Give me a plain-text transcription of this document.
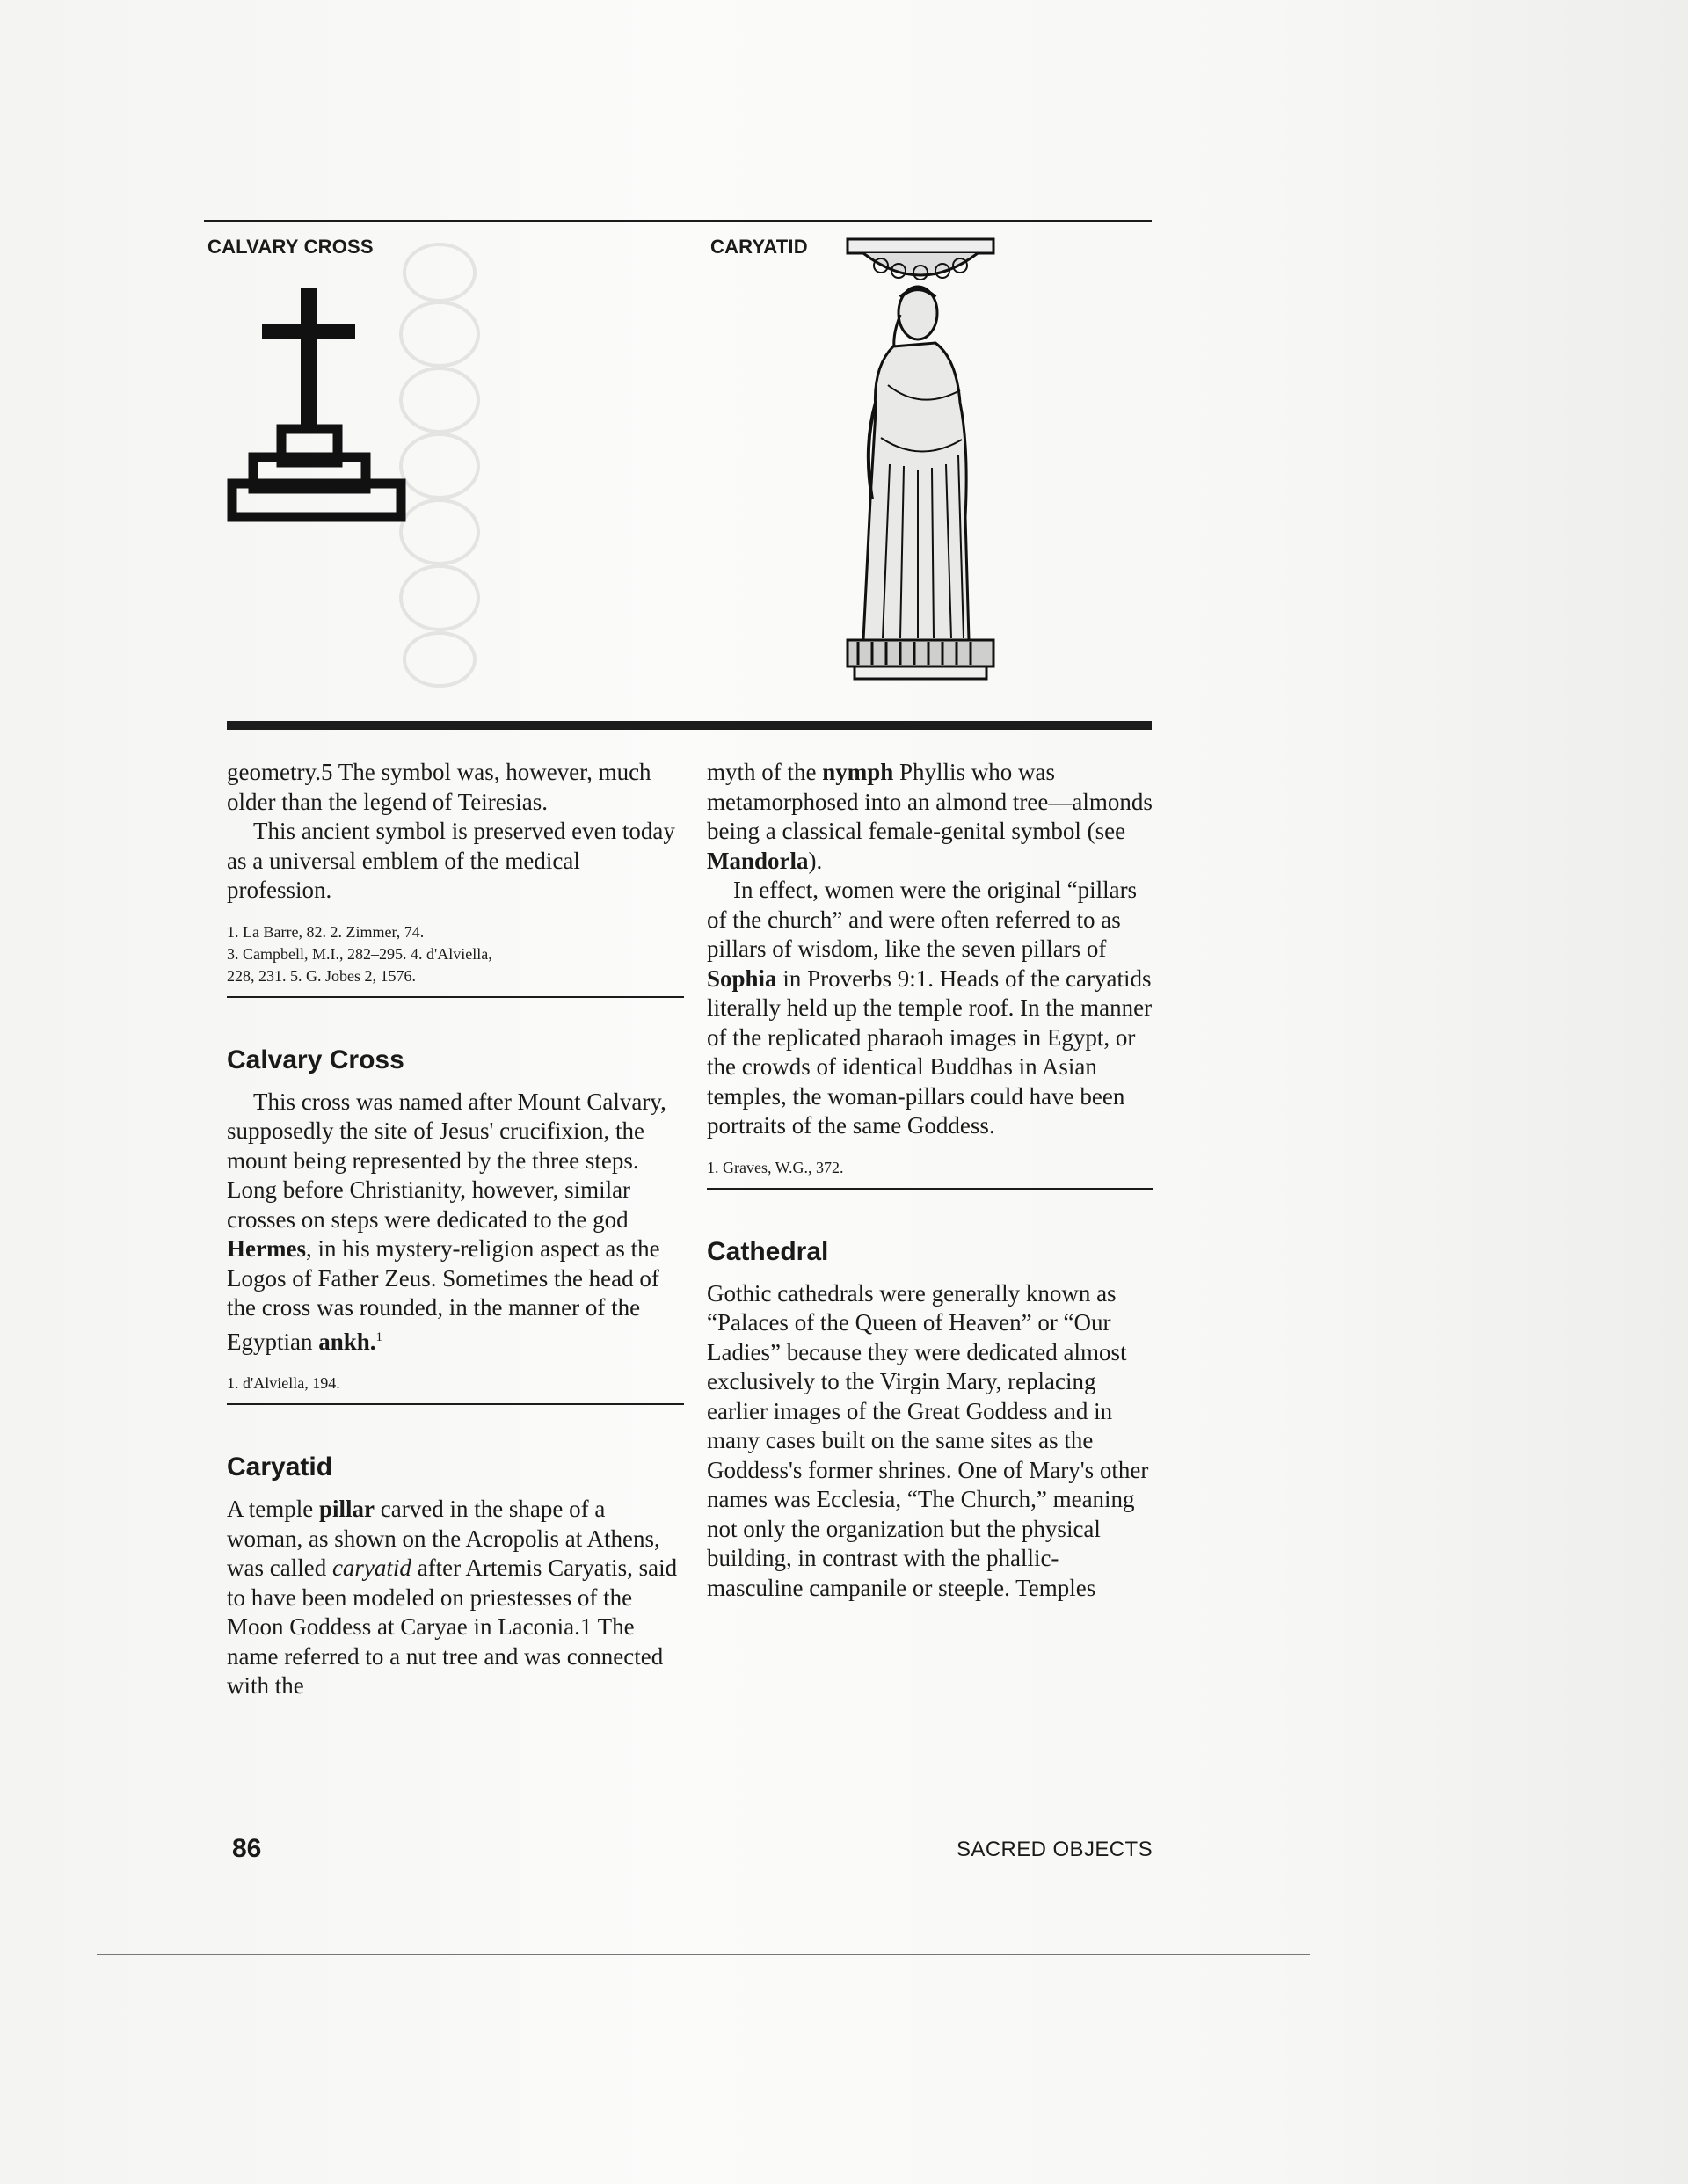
CALVARY CROSS	CARYATID

geometry.5 The symbol was, however, much older than the legend of Teiresias.

This ancient symbol is preserved even today as a universal emblem of the medical profession.

1. La Barre, 82. 2. Zimmer, 74.
3. Campbell, M.I., 282–295. 4. d'Alviella,
228, 231. 5. G. Jobes 2, 1576.
Calvary Cross

This cross was named after Mount Calvary, supposedly the site of Jesus' crucifixion, the mount being represented by the three steps. Long before Christianity, however, similar crosses on steps were dedicated to the god Hermes, in his mystery-religion aspect as the Logos of Father Zeus. Sometimes the head of the cross was rounded, in the manner of the Egyptian ankh.$^1$

1. d'Alviella, 194.
Caryatid

A temple pillar carved in the shape of a woman, as shown on the Acropolis at Athens, was called caryatid after Artemis Caryatis, said to have been modeled on priestesses of the Moon Goddess at Caryae in Laconia.1 The name referred to a nut tree and was connected with the

myth of the nymph Phyllis who was metamorphosed into an almond tree—almonds being a classical female-genital symbol (see Mandorla).

In effect, women were the original “pillars of the church” and were often referred to as pillars of wisdom, like the seven pillars of Sophia in Proverbs 9:1. Heads of the caryatids literally held up the temple roof. In the manner of the replicated pharaoh images in Egypt, or the crowds of identical Buddhas in Asian temples, the woman-pillars could have been portraits of the same Goddess.

1. Graves, W.G., 372.
Cathedral

Gothic cathedrals were generally known as “Palaces of the Queen of Heaven” or “Our Ladies” because they were dedicated almost exclusively to the Virgin Mary, replacing earlier images of the Great Goddess and in many cases built on the same sites as the Goddess's former shrines. One of Mary's other names was Ecclesia, “The Church,” meaning not only the organization but the physical building, in contrast with the phallic-masculine campanile or steeple. Temples

86	SACRED OBJECTS
